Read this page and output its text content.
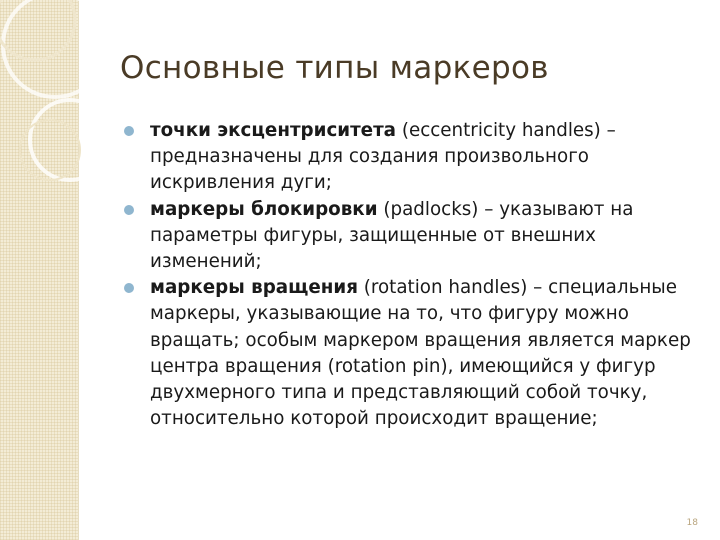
Основные типы маркеров
точки эксцентриситета (eccentricity handles) – предназначены для создания произвольного искривления дуги;
маркеры блокировки (padlocks) – указывают на параметры фигуры, защищенные от внешних изменений;
маркеры вращения (rotation handles) – специальные маркеры, указывающие на то, что фигуру можно вращать; особым маркером вращения является маркер центра вращения (rotation pin), имеющийся у фигур двухмерного типа и представляющий собой точку, относительно которой происходит вращение;
18
